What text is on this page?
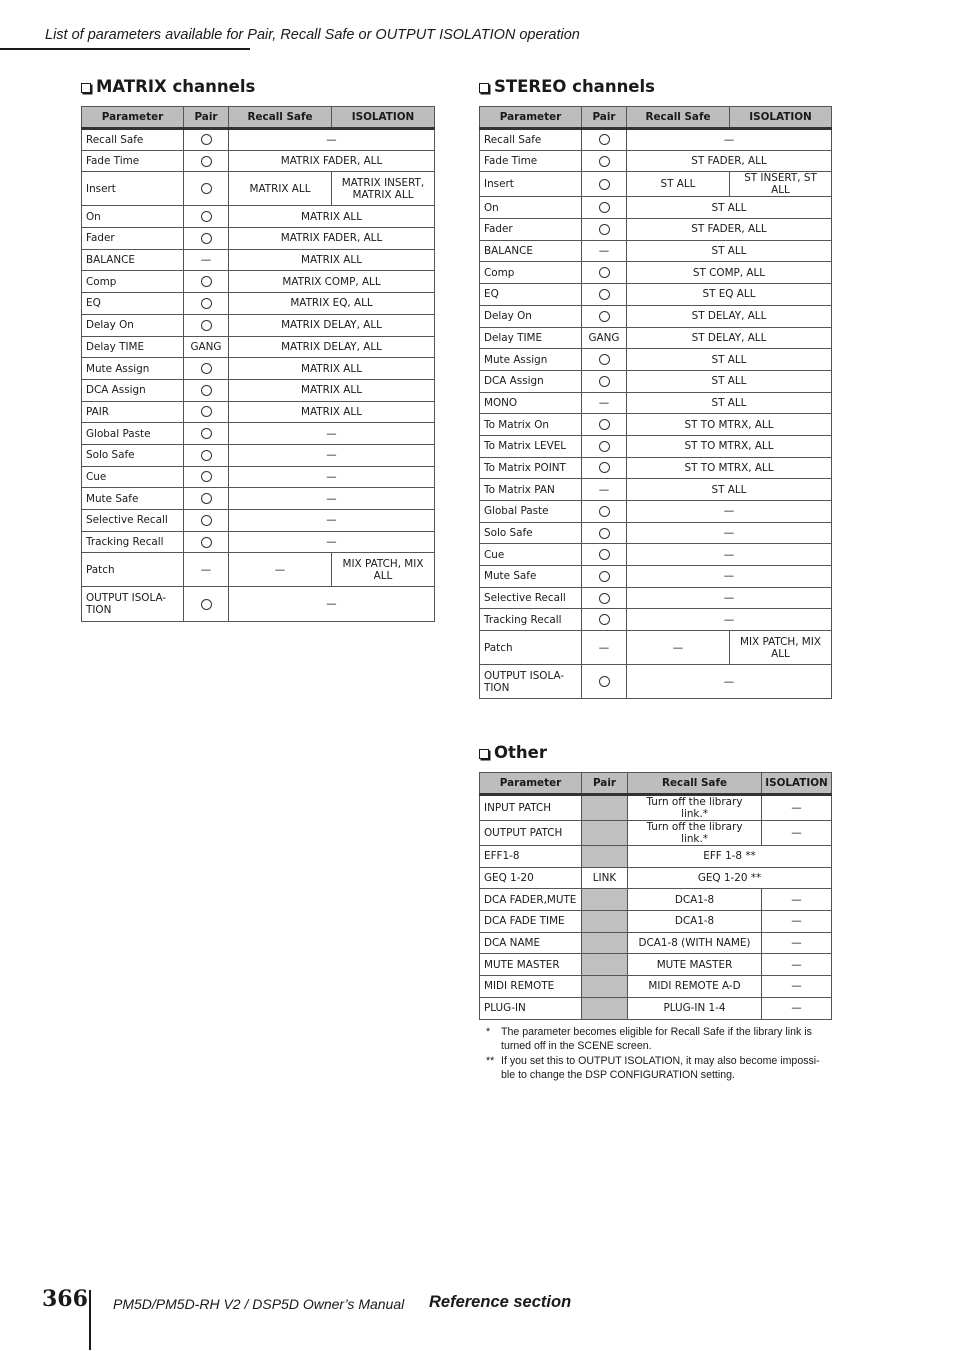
List of parameters available for Pair, Recall Safe or OUTPUT ISOLATION operation
MATRIX channels
Parameter	Pair	Recall Safe	ISOLATION
Recall Safe		—	
Fade Time		MATRIX FADER, ALL	
Insert		MATRIX ALL	MATRIX INSERT, MATRIX ALL
On		MATRIX ALL	
Fader		MATRIX FADER, ALL	
BALANCE	—	MATRIX ALL	
Comp		MATRIX COMP, ALL	
EQ		MATRIX EQ, ALL	
Delay On		MATRIX DELAY, ALL	
Delay TIME	GANG	MATRIX DELAY, ALL	
Mute Assign		MATRIX ALL	
DCA Assign		MATRIX ALL	
PAIR		MATRIX ALL	
Global Paste		—	
Solo Safe		—	
Cue		—	
Mute Safe		—	
Selective Recall		—	
Tracking Recall		—	
Patch	—	—	MIX PATCH, MIX ALL
OUTPUT ISOLA-TION		—	
STEREO channels
Parameter	Pair	Recall Safe	ISOLATION
Recall Safe		—	
Fade Time		ST FADER, ALL	
Insert		ST ALL	ST INSERT, ST ALL
On		ST ALL	
Fader		ST FADER, ALL	
BALANCE	—	ST ALL	
Comp		ST COMP, ALL	
EQ		ST EQ ALL	
Delay On		ST DELAY, ALL	
Delay TIME	GANG	ST DELAY, ALL	
Mute Assign		ST ALL	
DCA Assign		ST ALL	
MONO	—	ST ALL	
To Matrix On		ST TO MTRX, ALL	
To Matrix LEVEL		ST TO MTRX, ALL	
To Matrix POINT		ST TO MTRX, ALL	
To Matrix PAN	—	ST ALL	
Global Paste		—	
Solo Safe		—	
Cue		—	
Mute Safe		—	
Selective Recall		—	
Tracking Recall		—	
Patch	—	—	MIX PATCH, MIX ALL
OUTPUT ISOLA-TION		—	
Other
Parameter	Pair	Recall Safe	ISOLATION
INPUT PATCH		Turn off the library link.*	—
OUTPUT PATCH		Turn off the library link.*	—
EFF1-8		EFF 1-8 **	
GEQ 1-20	LINK	GEQ 1-20 **	
DCA FADER,MUTE		DCA1-8	—
DCA FADE TIME		DCA1-8	—
DCA NAME		DCA1-8 (WITH NAME)	—
MUTE MASTER		MUTE MASTER	—
MIDI REMOTE		MIDI REMOTE A-D	—
PLUG-IN		PLUG-IN 1-4	—
*	The parameter becomes eligible for Recall Safe if the library link is turned off in the SCENE screen.
** If you set this to OUTPUT ISOLATION, it may also become impossi-ble to change the DSP CONFIGURATION setting.
366 PM5D/PM5D-RH V2 / DSP5D Owner’s Manual Reference section
